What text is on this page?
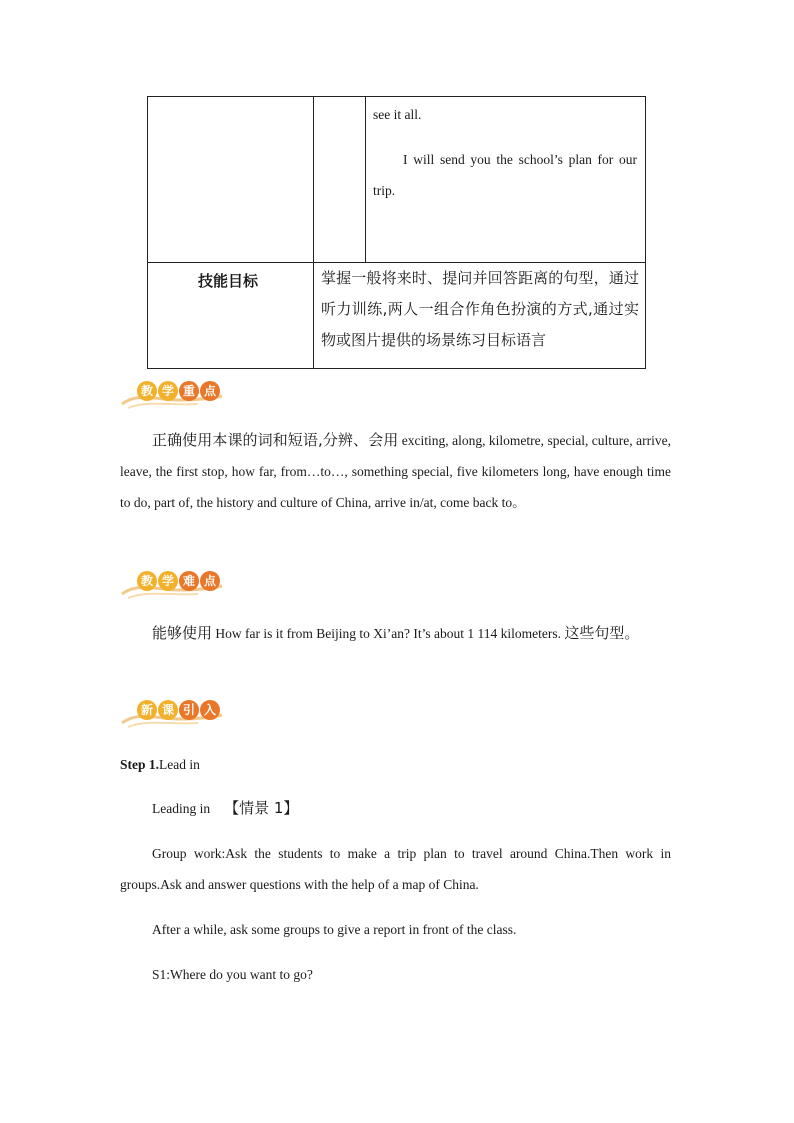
see it all.
I will send you the school’s plan for our trip.
技能目标	掌握一般将来时、提问并回答距离的句型，通过听力训练,两人一组合作角色扮演的方式,通过实物或图片提供的场景练习目标语言
教 学 重 点
正确使用本课的词和短语,分辨、会用 exciting, along, kilometre, special, culture, arrive, leave, the first stop, how far, from…to…, something special, five kilometers long, have enough time to do, part of, the history and culture of China, arrive in/at, come back to。
教 学 难 点
能够使用 How far is it from Beijing to Xi’an? It’s about 1 114 kilometers. 这些句型。
新 课 引 入
Step 1.Lead in
Leading in 【情景 1】
Group work:Ask the students to make a trip plan to travel around China.Then work in groups.Ask and answer questions with the help of a map of China.
After a while, ask some groups to give a report in front of the class.
S1:Where do you want to go?
